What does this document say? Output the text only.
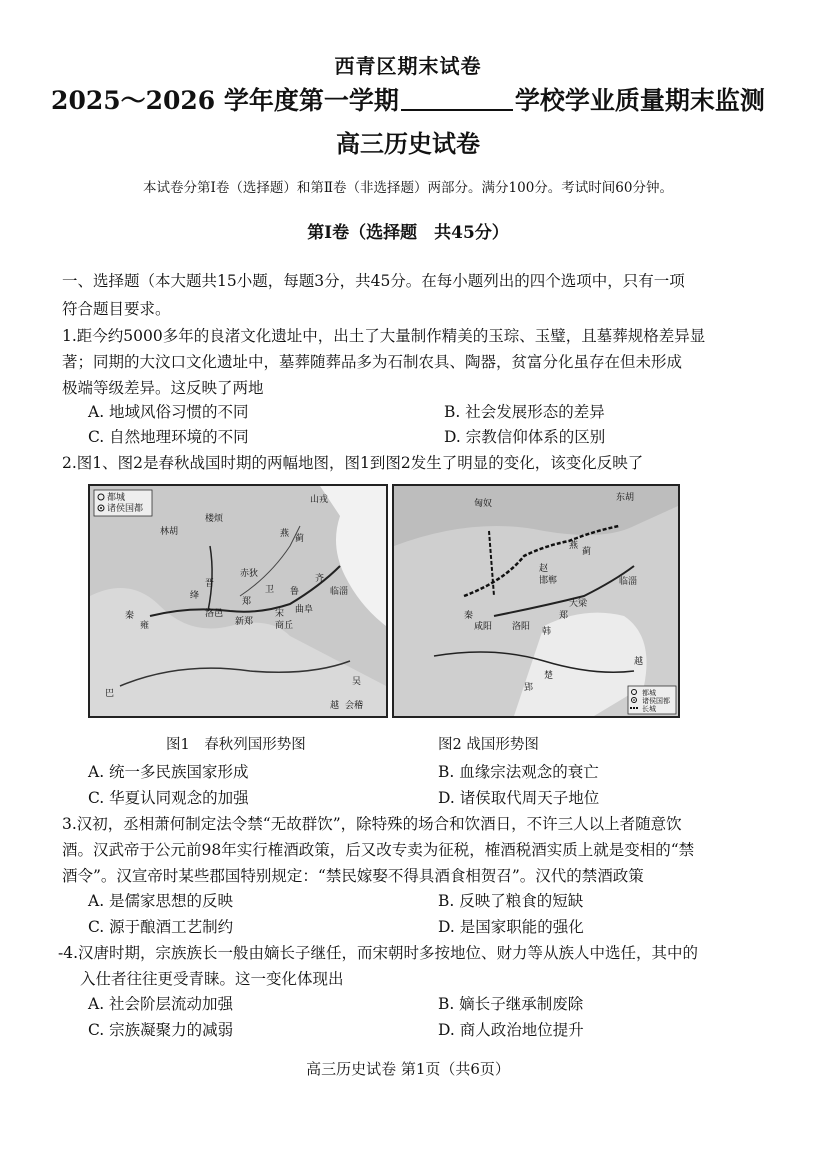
西青区期末试卷
2025～2026 学年度第一学期	学校学业质量期末监测
高三历史试卷
本试卷分第Ⅰ卷（选择题）和第Ⅱ卷（非选择题）两部分。满分100分。考试时间60分钟。
第Ⅰ卷（选择题　共45分）
一、选择题（本大题共15小题，每题3分，共45分。在每小题列出的四个选项中，只有一项
符合题目要求。
1.距今约5000多年的良渚文化遗址中，出土了大量制作精美的玉琮、玉璧，且墓葬规格差异显
著；同期的大汶口文化遗址中，墓葬随葬品多为石制农具、陶器，贫富分化虽存在但未形成
极端等级差异。这反映了两地
A. 地域风俗习惯的不同	B. 社会发展形态的差异
C. 自然地理环境的不同	D. 宗教信仰体系的区别
2.图1、图2是春秋战国时期的两幅地图，图1到图2发生了明显的变化，该变化反映了
都城
诸侯国都
山戎
林胡
楼烦
燕 蓟
临淄
赤狄	齐
晋
绛
卫 鲁
曲阜
秦
雍
洛邑
郑
新郑
宋
商丘
巴
越 会稽
吴
都城
诸侯国都
长城
东胡
匈奴
燕
蓟
赵
邯郸	临淄
秦
咸阳 洛阳 韩
大梁
郑
楚
郢
越
图1　春秋列国形势图	图2 战国形势图
A. 统一多民族国家形成	B. 血缘宗法观念的衰亡
C. 华夏认同观念的加强	D. 诸侯取代周天子地位
3.汉初，丞相萧何制定法令禁“无故群饮”，除特殊的场合和饮酒日，不许三人以上者随意饮
酒。汉武帝于公元前98年实行榷酒政策，后又改专卖为征税，榷酒税酒实质上就是变相的“禁
酒令”。汉宣帝时某些郡国特别规定：“禁民嫁娶不得具酒食相贺召”。汉代的禁酒政策
A. 是儒家思想的反映	B. 反映了粮食的短缺
C. 源于酿酒工艺制约	D. 是国家职能的强化
-4.汉唐时期，宗族族长一般由嫡长子继任，而宋朝时多按地位、财力等从族人中选任，其中的
入仕者往往更受青睐。这一变化体现出
A. 社会阶层流动加强	B. 嫡长子继承制废除
C. 宗族凝聚力的减弱	D. 商人政治地位提升
高三历史试卷 第1页（共6页）
